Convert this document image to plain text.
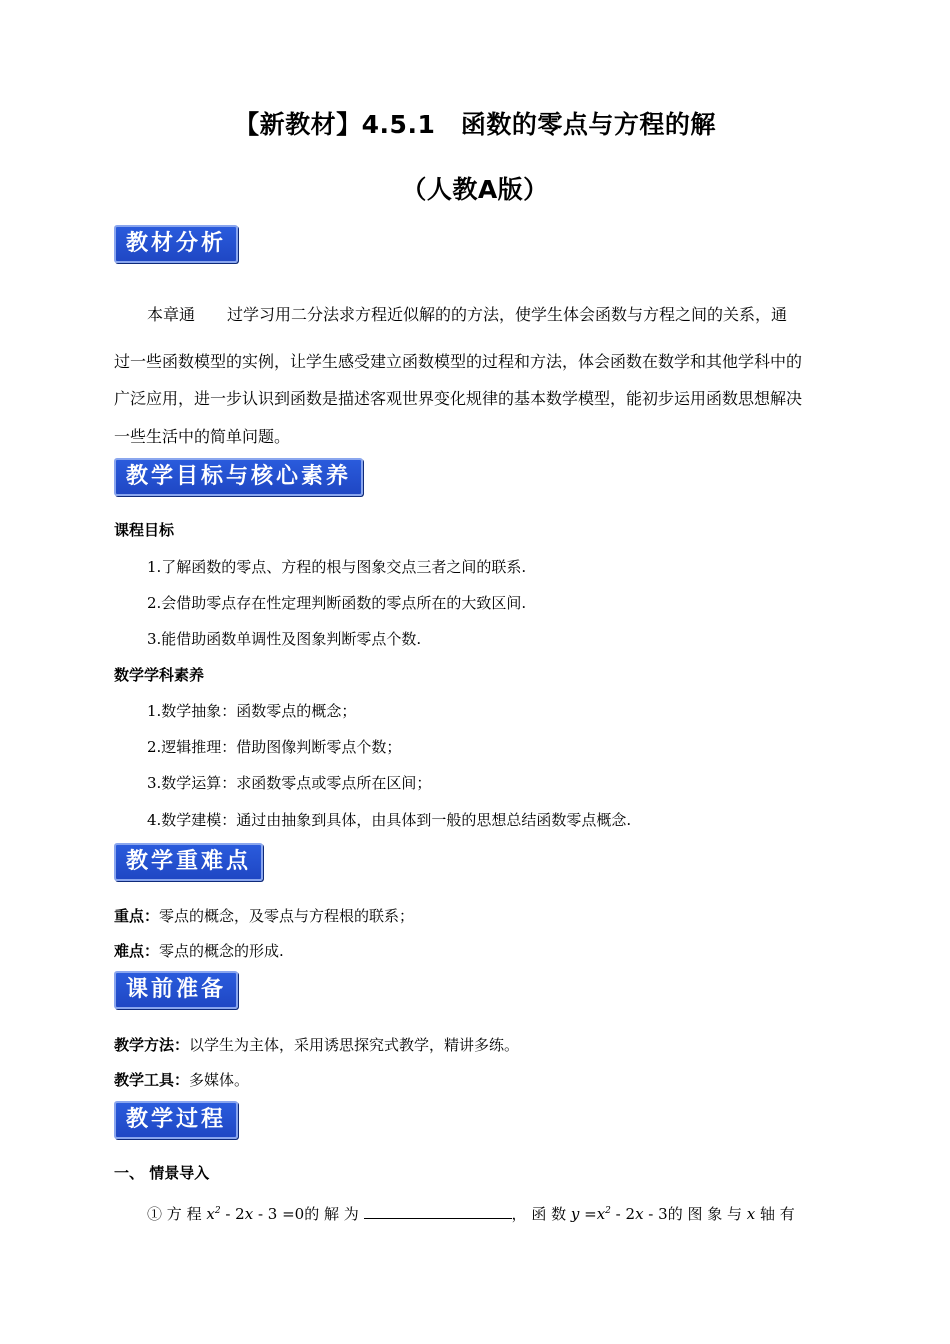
【新教材】4.5.1　函数的零点与方程的解
（人教A版）
教材分析
本章通　　过学习用二分法求方程近似解的的方法，使学生体会函数与方程之间的关系，通
过一些函数模型的实例，让学生感受建立函数模型的过程和方法，体会函数在数学和其他学科中的
广泛应用，进一步认识到函数是描述客观世界变化规律的基本数学模型，能初步运用函数思想解决
一些生活中的简单问题。
教学目标与核心素养
课程目标
1.了解函数的零点、方程的根与图象交点三者之间的联系.
2.会借助零点存在性定理判断函数的零点所在的大致区间.
3.能借助函数单调性及图象判断零点个数.
数学学科素养
1.数学抽象：函数零点的概念；
2.逻辑推理：借助图像判断零点个数；
3.数学运算：求函数零点或零点所在区间；
4.数学建模：通过由抽象到具体，由具体到一般的思想总结函数零点概念.
教学重难点
重点：零点的概念，及零点与方程根的联系；
难点：零点的概念的形成.
课前准备
教学方法：以学生为主体，采用诱思探究式教学，精讲多练。
教学工具：多媒体。
教学过程
一、 情景导入
① 方 程 $x^2 - 2x - 3 =0$的 解 为	， 函 数 $y =x^2 - 2x - 3$的 图 象 与 x 轴 有
